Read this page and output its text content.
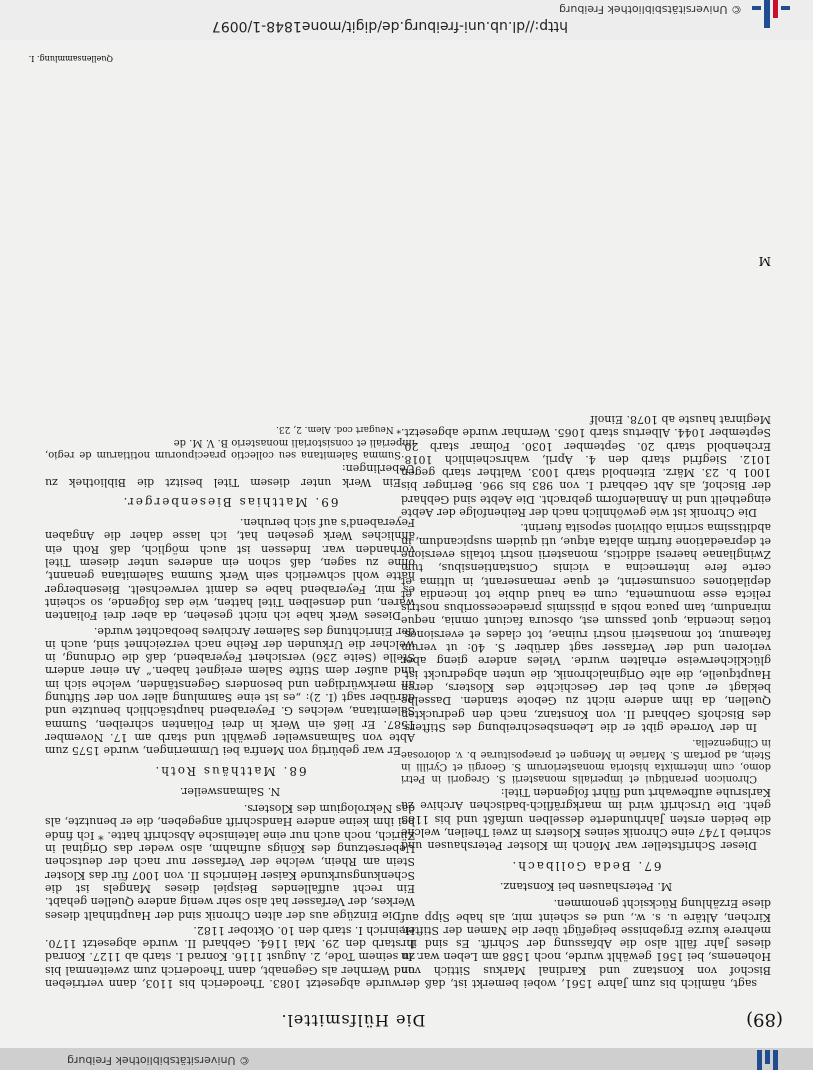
http://dl.ub.uni-freiburg.de/digit/mone1848-1/0097
© Universitätsbibliothek Freiburg
(89)
Die Hülfsmittel.

sagt, nämlich bis zum Jahre 1561, wobei bemerkt ist, daß der Bischof von Konstanz und Kardinal Markus Sittich von Hohenems, bei 1561 gewählt wurde, noch 1588 am Leben war. In dieses Jahr fällt also die Abfassung der Schrift. Es sind ihr mehrere kurze Ergebnisse beigefügt über die Namen der Stifter, Kirchen, Altäre u. s. w., und es scheint mir, als habe Sipp auf diese Erzählung Rücksicht genommen.

M. Petershausen bei Konstanz.
67. Beda Gollbach.

Dieser Schriftsteller war Mönch im Kloster Petershausen und schrieb 1747 eine Chronik seines Klosters in zwei Theilen, welche die beiden ersten Jahrhunderte desselben umfaßt und bis 1183 geht. Die Urschrift wird im markgräflich-badischen Archive zu Karlsruhe aufbewahrt und führt folgenden Titel:

Chronicon perantiqui et imperialis monasterii S. Gregorii in Petri domo, cum intermixta historia monasteriorum S. Georgii et Cyrilli in Stein, ad portam S. Mariae in Mengen et praepositurae b. v. dolorosae in Clingenzella.

In der Vorrede gibt er die Lebensbeschreibung des Stifters, des Bischofs Gebhard II. von Konstanz, nach den gedruckten Quellen, da ihm andere nicht zu Gebote standen. Dasselbe beklagt er auch bei der Geschichte des Klosters, deren Hauptquelle, die alte Originalchronik, die unten abgedruckt ist, glücklicherweise erhalten wurde. Vieles andere gieng aber verloren und der Verfasser sagt darüber S. 40: ut verum fateamur, tot monasterii nostri ruinae, tot clades et eversiones, toties incendia, quot passum est, obscura faciunt omnia, neque mirandum, tam pauca nobis a piissimis praedecessoribus nostris relicta esse monumenta, cum ea haud dubie tot incendia et depilationes consumserint, et quae remanserant, in ultima et certe fere internecina a vicinis Constantiensibus, tum Zwinglianae haeresi addictis, monasterii nostri totalis eversione et depraedatione furtim ablata atque, uti quidem suspicandum, in abditissima scrinia oblivioni seposita fuerint.

Die Chronik ist wie gewöhnlich nach der Reihenfolge der Aebte eingetheilt und in Annalenform gebracht. Die Aebte sind Gebhard der Bischof, als Abt Gebhard I. von 983 bis 996. Beringer bis 1001 b. 23. März. Eitenbold starb 1003. Walther starb gegen 1012. Siegfrid starb den 4. April, wahrscheinlich 1018. Erchenbold starb 20. September 1030. Folmar starb 20. September 1044. Albertus starb 1065. Wernhar wurde abgesetzt. Meginrat hauste ab 1078. Einolf

wurde abgesetzt 1083. Theoderich bis 1103, dann vertrieben und Wernher als Gegenabt, dann Theoderich zum zweitenmal bis zu seinem Tode, 2. August 1116. Konrad I. starb ab 1127. Konrad I. starb den 29. Mai 1164. Gebhard II. wurde abgesetzt 1170. Heinrich I. starb den 10. Oktober 1182.

Die Einzüge aus der alten Chronik sind der Hauptinhalt dieses Werkes, der Verfasser hat also sehr wenig andere Quellen gehabt. Ein recht auffallendes Beispiel dieses Mangels ist die Schenkungsurkunde Kaiser Heinrichs II. von 1007 für das Kloster Stein am Rhein, welche der Verfasser nur nach der deutschen Uebersetzung des Königs aufnahm, also weder das Original in Zürich, noch auch nur eine lateinische Abschrift hatte. * Ich finde bei ihm keine andere Handschrift angegeben, die er benutzte, als das Nekrologium des Klosters.

N. Salmansweiler.
68. Matthäus Roth.

Er war gebürtig von Menfra bei Ummeringen, wurde 1575 zum Abte von Salmansweiler gewählt und starb am 17. November 1587. Er ließ ein Werk in drei Folianten schreiben, Summa Salemitana, welches G. Feyerabend hauptsächlich benutzte und darüber sagt (I. 2): „es ist eine Sammlung aller von der Stiftung an merkwürdigen und besonders Gegenständen, welche sich im und außer dem Stifte Salem ereignet haben.“ An einer andern Stelle (Seite 236) versichert Feyerabend, daß die Ordnung, in welcher die Urkunden der Reihe nach verzeichnet sind, auch in der Einrichtung des Salemer Archives beobachtet wurde.

Dieses Werk habe ich nicht gesehen, da aber drei Folianten waren, und denselben Titel hatten, wie das folgende, so scheint es mir, Feyerabend habe es damit verwechselt. Biesenberger hatte wohl schwerlich sein Werk Summa Salemitana genannt, ohne zu sagen, daß schon ein anderes unter diesem Titel vorhanden war. Indessen ist auch möglich, daß Roth ein ähnliches Werk gesehen hat, ich lasse daher die Angaben Feyerabend's auf sich beruhen.

69. Matthias Biesenberger.

Ein Werk unter diesem Titel besitzt die Bibliothek zu Ueberlingen:

Summa Salemitana seu collectio praecipuorum notitiarum de regio, imperiali et consistoriali monasterio B. V. M. de

* Neugart cod. Alem. 2, 23.

M
Quellensammlung. I.
© Universitätsbibliothek Freiburg
